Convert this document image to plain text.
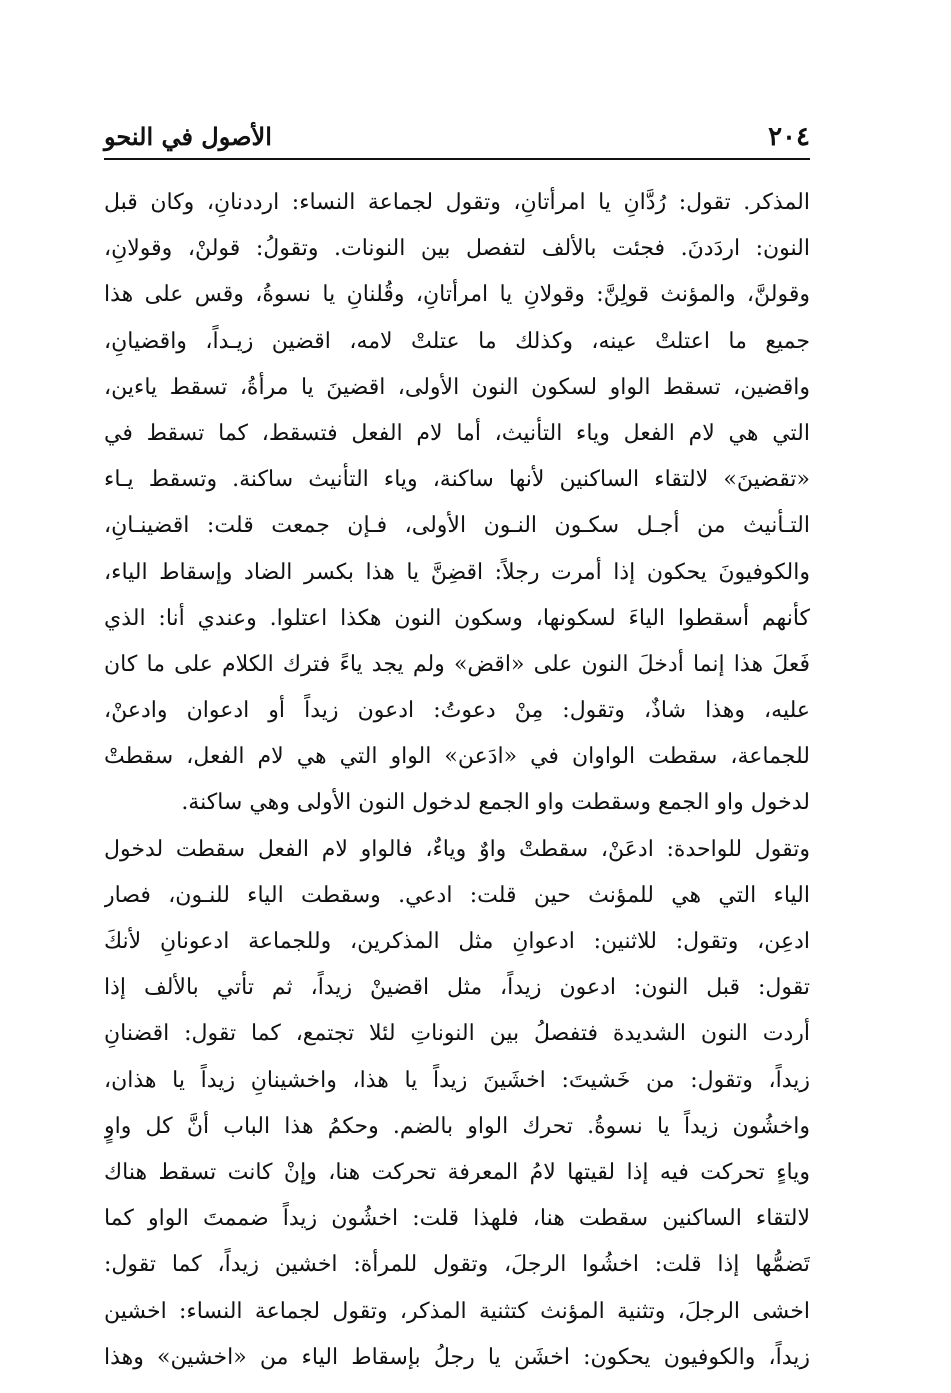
٢٠٤
الأصول في النحو
المذكر. تقول: رُدَّانِ يا امرأتانِ، وتقول لجماعة النساء: ارددنانِ، وكان قبل
النون: اردَدنَ. فجئت بالألف لتفصل بين النونات. وتقولُ: قولنْ، وقولانِ،
وقولنَّ، والمؤنث قولِنَّ: وقولانِ يا امرأتانِ، وقُلنانِ يا نسوةُ، وقس على هذا
جميع ما اعتلتْ عينه، وكذلك ما عتلتْ لامه، اقضين زيـداً، واقضيانِ،
واقضين، تسقط الواو لسكون النون الأولى، اقضينَ يا مرأةُ، تسقط ياءين،
التي هي لام الفعل وياء التأنيث، أما لام الفعل فتسقط، كما تسقط في
«تقضينَ» لالتقاء الساكنين لأنها ساكنة، وياء التأنيث ساكنة. وتسقط يـاء
التـأنيث من أجـل سكـون النـون الأولى، فـإن جمعت قلت: اقضينـانِ،
والكوفيونَ يحكون إذا أمرت رجلاً: اقضِنَّ يا هذا بكسر الضاد وإسقاط الياء،
كأنهم أسقطوا الياءَ لسكونها، وسكون النون هكذا اعتلوا. وعندي أنا: الذي
فَعلَ هذا إنما أدخلَ النون على «اقض» ولم يجد ياءً فترك الكلام على ما كان
عليه، وهذا شاذٌ، وتقول: مِنْ دعوتُ: ادعون زيداً أو ادعوان وادعنْ،
للجماعة، سقطت الواوان في «ادَعن» الواو التي هي لام الفعل، سقطتْ
لدخول واو الجمع وسقطت واو الجمع لدخول النون الأولى وهي ساكنة.
وتقول للواحدة: ادعَنْ، سقطتْ واوٌ وياءٌ، فالواو لام الفعل سقطت لدخول
الياء التي هي للمؤنث حين قلت: ادعي. وسقطت الياء للنـون، فصار
ادعِن، وتقول: للاثنين: ادعوانِ مثل المذكرين، وللجماعة ادعونانِ لأنكَ
تقول: قبل النون: ادعون زيداً، مثل اقضينْ زيداً، ثم تأتي بالألف إذا
أردت النون الشديدة فتفصلُ بين النوناتِ لئلا تجتمع، كما تقول: اقضنانِ
زيداً، وتقول: من خَشيتَ: اخشَينَ زيداً يا هذا، واخشينانِ زيداً يا هذان،
واخشُون زيداً يا نسوةُ. تحرك الواو بالضم. وحكمُ هذا الباب أنَّ كل واوٍ
وياءٍ تحركت فيه إذا لقيتها لامُ المعرفة تحركت هنا، وإنْ كانت تسقط هناك
لالتقاء الساكنين سقطت هنا، فلهذا قلت: اخشُون زيداً ضممتَ الواو كما
تَضمُّها إذا قلت: اخشُوا الرجلَ، وتقول للمرأة: اخشين زيداً، كما تقول:
اخشى الرجلَ، وتثنية المؤنث كتثنية المذكر، وتقول لجماعة النساء: اخشين
زيداً، والكوفيون يحكون: اخشَن يا رجلُ بإسقاط الياء من «اخشين» وهذا
